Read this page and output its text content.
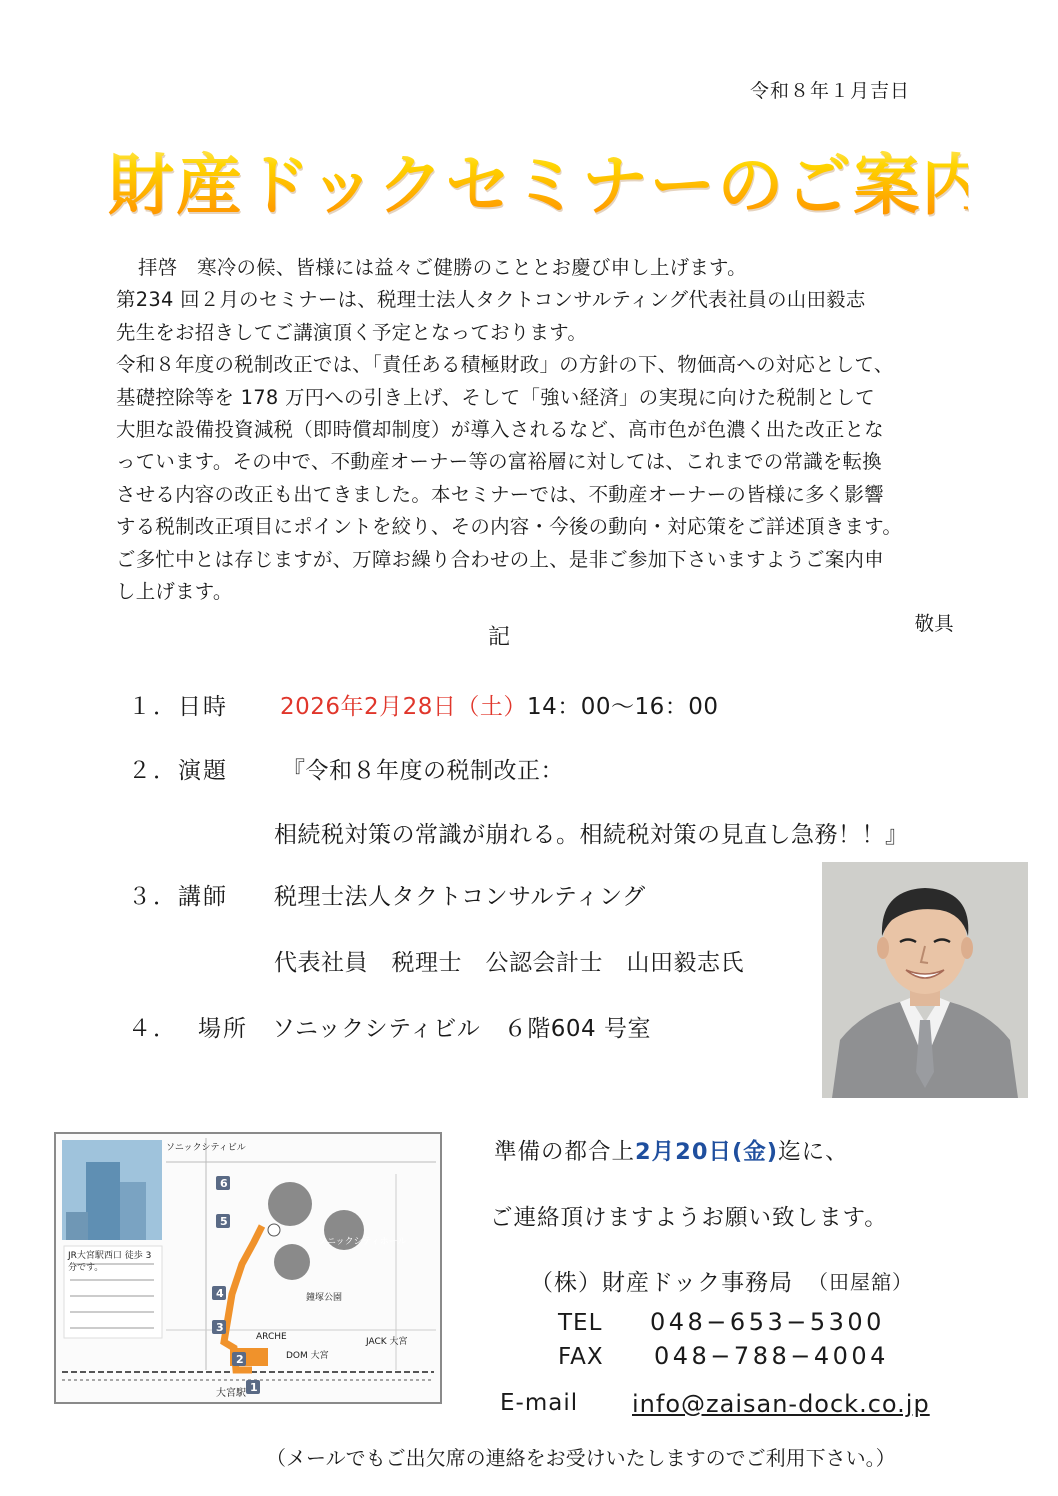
令和８年１月吉日
財産ドックセミナーのご案内

拝啓　寒冷の候、皆様には益々ご健勝のこととお慶び申し上げます。

第234 回２月のセミナーは、税理士法人タクトコンサルティング代表社員の山田毅志

先生をお招きしてご講演頂く予定となっております。

令和８年度の税制改正では、「責任ある積極財政」の方針の下、物価高への対応として、

基礎控除等を 178 万円への引き上げ、そして「強い経済」の実現に向けた税制として

大胆な設備投資減税（即時償却制度）が導入されるなど、高市色が色濃く出た改正とな

っています。その中で、不動産オーナー等の富裕層に対しては、これまでの常識を転換

させる内容の改正も出てきました。本セミナーでは、不動産オーナーの皆様に多く影響

する税制改正項目にポイントを絞り、その内容・今後の動向・対応策をご詳述頂きます。

ご多忙中とは存じますが、万障お繰り合わせの上、是非ご参加下さいますようご案内申

し上げます。

敬具

記
１．日時 2026年2月28日（土）14：00～16：00
２．演題 『令和８年度の税制改正：
相続税対策の常識が崩れる。相続税対策の見直し急務！！』
３．講師 税理士法人タクトコンサルティング
代表社員　税理士　公認会計士　山田毅志氏
４． 場所 ソニックシティビル　６階604 号室
ソニックシティビル
ソニックシティホール
大宮駅
DOM 大宮
ARCHE	JACK 大宮
鐘塚公園
JR大宮駅西口 徒歩 3分です。
6
5
4
3
2
1
準備の都合上2月20日(金)迄に、
ご連絡頂けますようお願い致します。
（株）財産ドック事務局 （田屋舘）
TEL 048−653−5300
FAX 048−788−4004
E-mail info@zaisan-dock.co.jp
（メールでもご出欠席の連絡をお受けいたしますのでご利用下さい。）
